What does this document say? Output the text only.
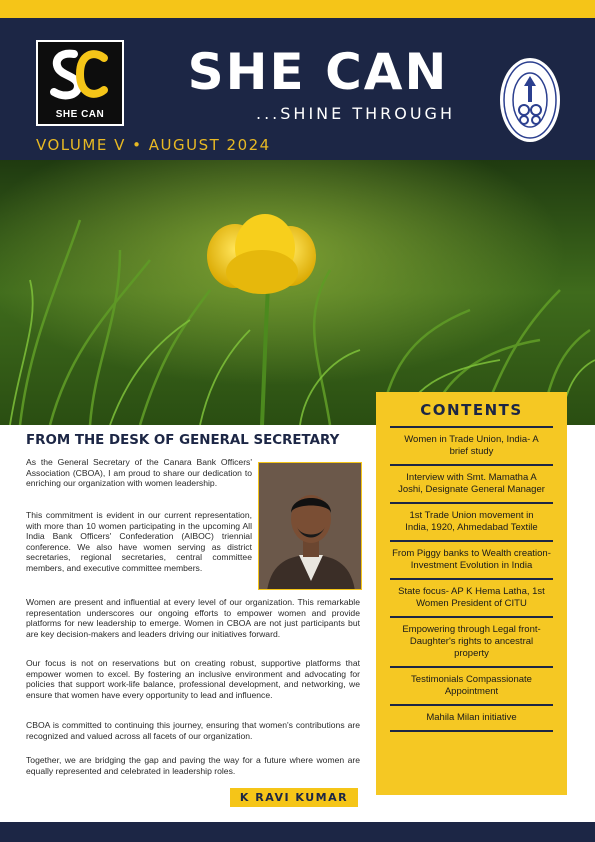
SHE CAN
SHE CAN
...SHINE THROUGH
VOLUME V • AUGUST 2024
FROM THE DESK OF GENERAL SECRETARY
As the General Secretary of the Canara Bank Officers' Association (CBOA), I am proud to share our dedication to enriching our organization with women leadership.
This commitment is evident in our current representation, with more than 10 women participating in the upcoming All India Bank Officers' Confederation (AIBOC) triennial conference. We also have women serving as district secretaries, regional secretaries, central committee members, and executive committee members.
Women are present and influential at every level of our organization. This remarkable representation underscores our ongoing efforts to empower women and provide platforms for new leadership to emerge. Women in CBOA are not just participants but are key decision-makers and leaders driving our initiatives forward.
Our focus is not on reservations but on creating robust, supportive platforms that empower women to excel. By fostering an inclusive environment and advocating for policies that support work-life balance, professional development, and networking, we ensure that women have every opportunity to lead and influence.
CBOA is committed to continuing this journey, ensuring that women's contributions are recognized and valued across all facets of our organization.
Together, we are bridging the gap and paving the way for a future where women are equally represented and celebrated in leadership roles.
K RAVI KUMAR
CONTENTS
Women in Trade Union, India- A brief study
Interview with Smt. Mamatha A Joshi, Designate General Manager
1st Trade Union movement in India, 1920, Ahmedabad Textile
From Piggy banks to Wealth creation- Investment Evolution in India
State focus- AP K Hema Latha, 1st Women President of CITU
Empowering through Legal front- Daughter's rights to ancestral property
Testimonials Compassionate Appointment
Mahila Milan initiative
